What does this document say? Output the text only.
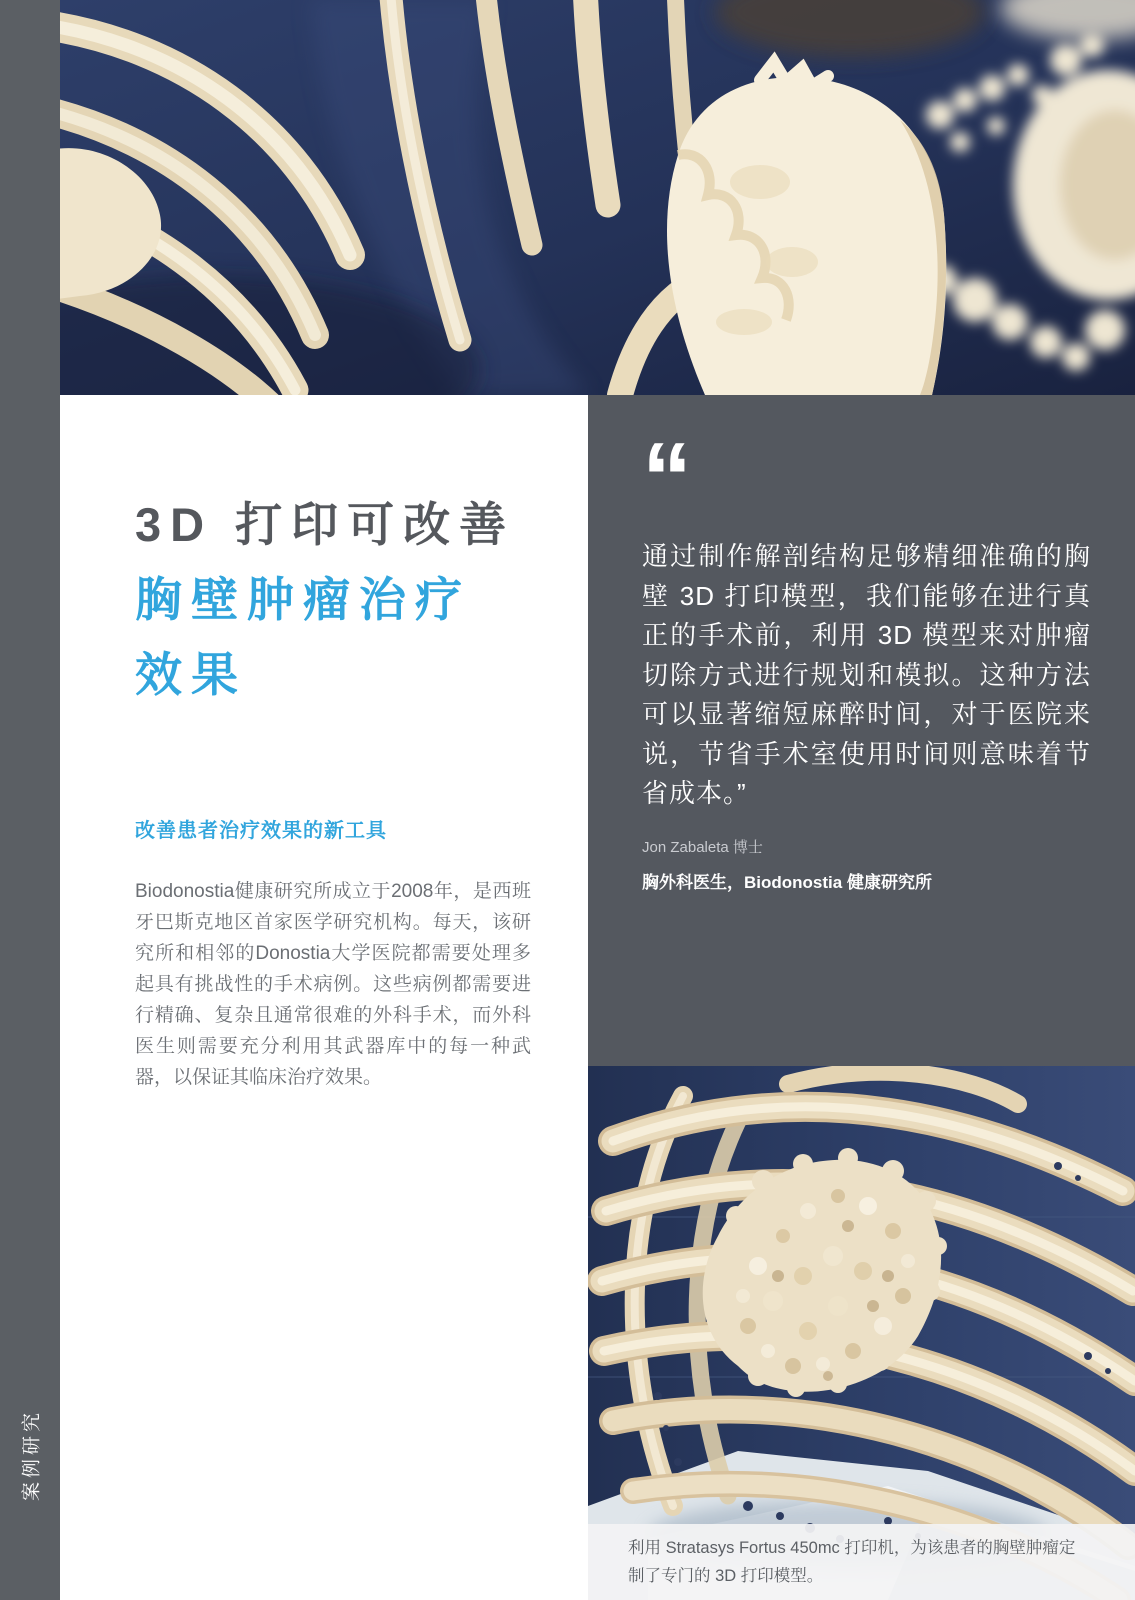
案例研究
3D 打印可改善
胸壁肿瘤治疗
效果
改善患者治疗效果的新工具

Biodonostia健康研究所成立于2008年，是西班牙巴斯克地区首家医学研究机构。每天，该研究所和相邻的Donostia大学医院都需要处理多起具有挑战性的手术病例。这些病例都需要进行精确、复杂且通常很难的外科手术，而外科医生则需要充分利用其武器库中的每一种武器，以保证其临床治疗效果。

“

通过制作解剖结构足够精细准确的胸壁 3D 打印模型，我们能够在进行真正的手术前，利用 3D 模型来对肿瘤切除方式进行规划和模拟。这种方法可以显著缩短麻醉时间，对于医院来说，节省手术室使用时间则意味着节省成本。”

Jon Zabaleta 博士
胸外科医生，Biodonostia 健康研究所
利用 Stratasys Fortus 450mc 打印机，为该患者的胸壁肿瘤定制了专门的 3D 打印模型。
